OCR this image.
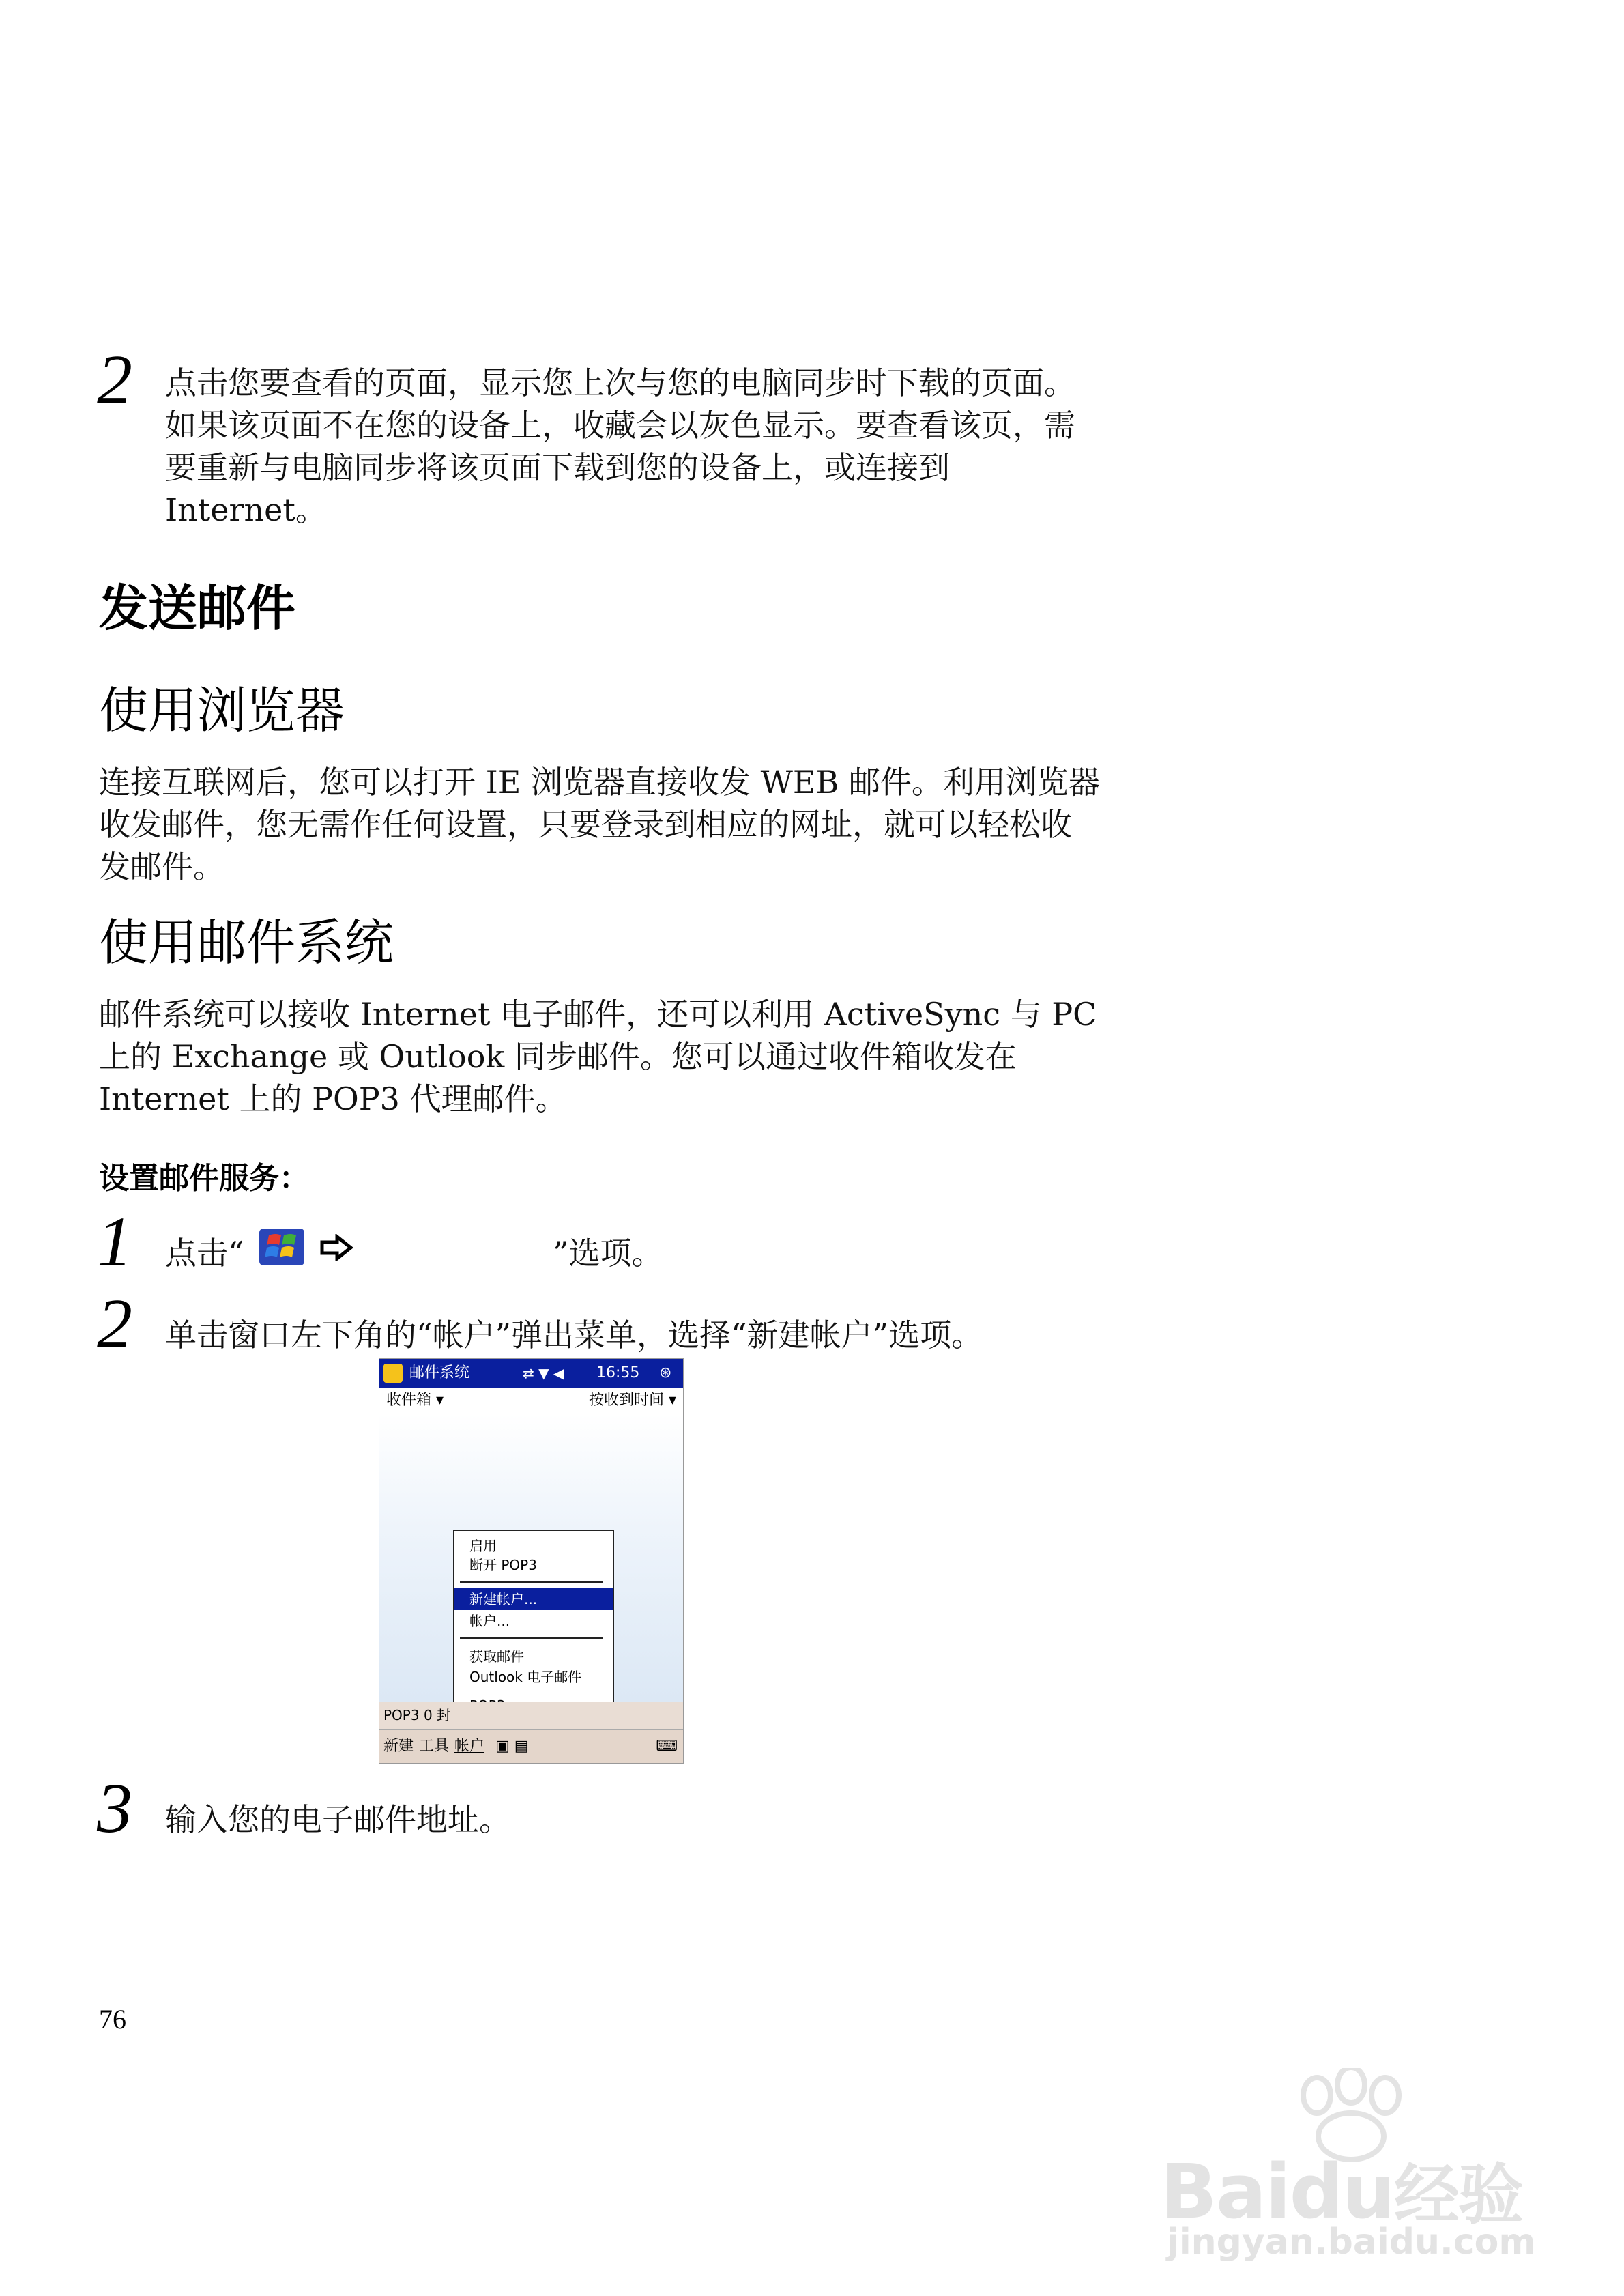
2 点击您要查看的页面，显示您上次与您的电脑同步时下载的页面。
如果该页面不在您的设备上，收藏会以灰色显示。要查看该页，需
要重新与电脑同步将该页面下载到您的设备上，或连接到
Internet。
发送邮件
使用浏览器
连接互联网后，您可以打开 IE 浏览器直接收发 WEB 邮件。利用浏览器
收发邮件，您无需作任何设置，只要登录到相应的网址，就可以轻松收
发邮件。
使用邮件系统
邮件系统可以接收 Internet 电子邮件，还可以利用 ActiveSync 与 PC
上的 Exchange 或 Outlook 同步邮件。您可以通过收件箱收发在
Internet 上的 POP3 代理邮件。
设置邮件服务：
1 点击“	”选项。
2 单击窗口左下角的“帐户”弹出菜单，选择“新建帐户”选项。
邮件系统	⇄ ▼ ◀ 16:55 ⊛
收件箱 ▾	按收到时间 ▾
启用
断开 POP3
新建帐户...
帐户...
获取邮件
Outlook 电子邮件
POP3 0 封
新建 工具 帐户 ▣ ▤	⌨
3 输入您的电子邮件地址。
76
Baidu经验
jingyan.baidu.com
